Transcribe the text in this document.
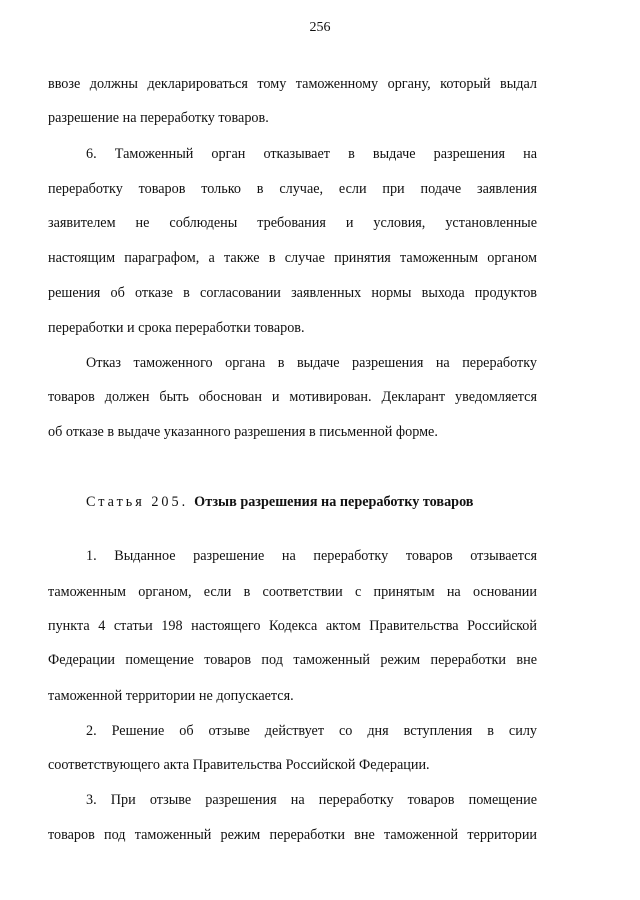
256
ввозе должны декларироваться тому таможенному органу, который выдал
разрешение на переработку товаров.
6. Таможенный орган отказывает в выдаче разрешения на
переработку товаров только в случае, если при подаче заявления
заявителем не соблюдены требования и условия, установленные
настоящим параграфом, а также в случае принятия таможенным органом
решения об отказе в согласовании заявленных нормы выхода продуктов
переработки и срока переработки товаров.
Отказ таможенного органа в выдаче разрешения на переработку
товаров должен быть обоснован и мотивирован. Декларант уведомляется
об отказе в выдаче указанного разрешения в письменной форме.
Статья 205. Отзыв разрешения на переработку товаров
1. Выданное разрешение на переработку товаров отзывается
таможенным органом, если в соответствии с принятым на основании
пункта 4 статьи 198 настоящего Кодекса актом Правительства Российской
Федерации помещение товаров под таможенный режим переработки вне
таможенной территории не допускается.
2. Решение об отзыве действует со дня вступления в силу
соответствующего акта Правительства Российской Федерации.
3. При отзыве разрешения на переработку товаров помещение
товаров под таможенный режим переработки вне таможенной территории
